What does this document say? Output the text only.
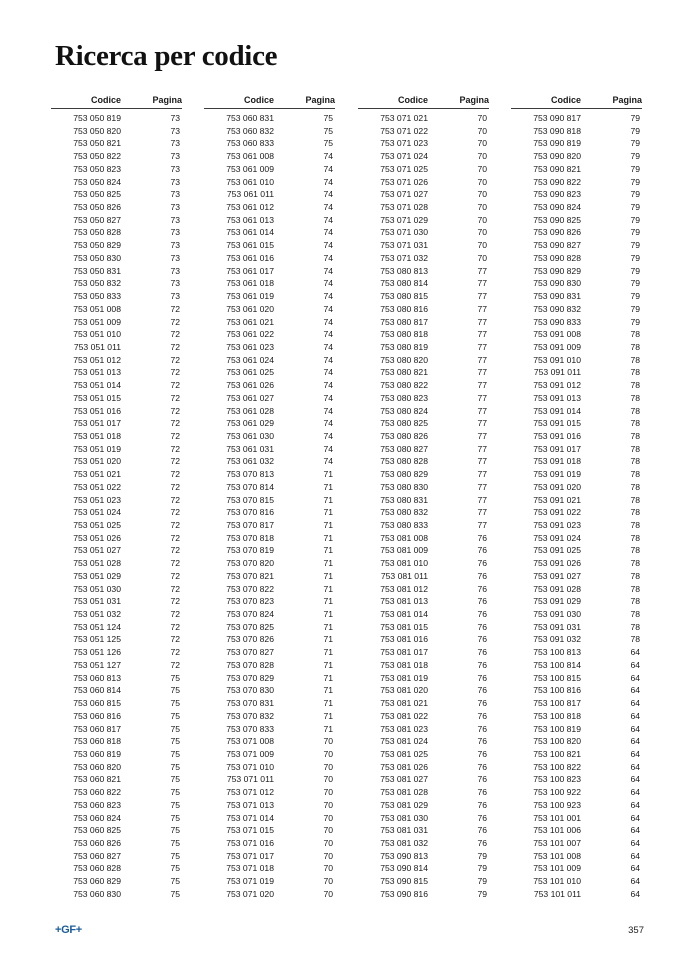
Ricerca per codice
Codice	Pagina
753 050 819	73
753 050 820	73
753 050 821	73
753 050 822	73
753 050 823	73
753 050 824	73
753 050 825	73
753 050 826	73
753 050 827	73
753 050 828	73
753 050 829	73
753 050 830	73
753 050 831	73
753 050 832	73
753 050 833	73
753 051 008	72
753 051 009	72
753 051 010	72
753 051 011	72
753 051 012	72
753 051 013	72
753 051 014	72
753 051 015	72
753 051 016	72
753 051 017	72
753 051 018	72
753 051 019	72
753 051 020	72
753 051 021	72
753 051 022	72
753 051 023	72
753 051 024	72
753 051 025	72
753 051 026	72
753 051 027	72
753 051 028	72
753 051 029	72
753 051 030	72
753 051 031	72
753 051 032	72
753 051 124	72
753 051 125	72
753 051 126	72
753 051 127	72
753 060 813	75
753 060 814	75
753 060 815	75
753 060 816	75
753 060 817	75
753 060 818	75
753 060 819	75
753 060 820	75
753 060 821	75
753 060 822	75
753 060 823	75
753 060 824	75
753 060 825	75
753 060 826	75
753 060 827	75
753 060 828	75
753 060 829	75
753 060 830	75
Codice	Pagina
753 060 831	75
753 060 832	75
753 060 833	75
753 061 008	74
753 061 009	74
753 061 010	74
753 061 011	74
753 061 012	74
753 061 013	74
753 061 014	74
753 061 015	74
753 061 016	74
753 061 017	74
753 061 018	74
753 061 019	74
753 061 020	74
753 061 021	74
753 061 022	74
753 061 023	74
753 061 024	74
753 061 025	74
753 061 026	74
753 061 027	74
753 061 028	74
753 061 029	74
753 061 030	74
753 061 031	74
753 061 032	74
753 070 813	71
753 070 814	71
753 070 815	71
753 070 816	71
753 070 817	71
753 070 818	71
753 070 819	71
753 070 820	71
753 070 821	71
753 070 822	71
753 070 823	71
753 070 824	71
753 070 825	71
753 070 826	71
753 070 827	71
753 070 828	71
753 070 829	71
753 070 830	71
753 070 831	71
753 070 832	71
753 070 833	71
753 071 008	70
753 071 009	70
753 071 010	70
753 071 011	70
753 071 012	70
753 071 013	70
753 071 014	70
753 071 015	70
753 071 016	70
753 071 017	70
753 071 018	70
753 071 019	70
753 071 020	70
Codice	Pagina
753 071 021	70
753 071 022	70
753 071 023	70
753 071 024	70
753 071 025	70
753 071 026	70
753 071 027	70
753 071 028	70
753 071 029	70
753 071 030	70
753 071 031	70
753 071 032	70
753 080 813	77
753 080 814	77
753 080 815	77
753 080 816	77
753 080 817	77
753 080 818	77
753 080 819	77
753 080 820	77
753 080 821	77
753 080 822	77
753 080 823	77
753 080 824	77
753 080 825	77
753 080 826	77
753 080 827	77
753 080 828	77
753 080 829	77
753 080 830	77
753 080 831	77
753 080 832	77
753 080 833	77
753 081 008	76
753 081 009	76
753 081 010	76
753 081 011	76
753 081 012	76
753 081 013	76
753 081 014	76
753 081 015	76
753 081 016	76
753 081 017	76
753 081 018	76
753 081 019	76
753 081 020	76
753 081 021	76
753 081 022	76
753 081 023	76
753 081 024	76
753 081 025	76
753 081 026	76
753 081 027	76
753 081 028	76
753 081 029	76
753 081 030	76
753 081 031	76
753 081 032	76
753 090 813	79
753 090 814	79
753 090 815	79
753 090 816	79
Codice	Pagina
753 090 817	79
753 090 818	79
753 090 819	79
753 090 820	79
753 090 821	79
753 090 822	79
753 090 823	79
753 090 824	79
753 090 825	79
753 090 826	79
753 090 827	79
753 090 828	79
753 090 829	79
753 090 830	79
753 090 831	79
753 090 832	79
753 090 833	79
753 091 008	78
753 091 009	78
753 091 010	78
753 091 011	78
753 091 012	78
753 091 013	78
753 091 014	78
753 091 015	78
753 091 016	78
753 091 017	78
753 091 018	78
753 091 019	78
753 091 020	78
753 091 021	78
753 091 022	78
753 091 023	78
753 091 024	78
753 091 025	78
753 091 026	78
753 091 027	78
753 091 028	78
753 091 029	78
753 091 030	78
753 091 031	78
753 091 032	78
753 100 813	64
753 100 814	64
753 100 815	64
753 100 816	64
753 100 817	64
753 100 818	64
753 100 819	64
753 100 820	64
753 100 821	64
753 100 822	64
753 100 823	64
753 100 922	64
753 100 923	64
753 101 001	64
753 101 006	64
753 101 007	64
753 101 008	64
753 101 009	64
753 101 010	64
753 101 011	64
+GF+	357
